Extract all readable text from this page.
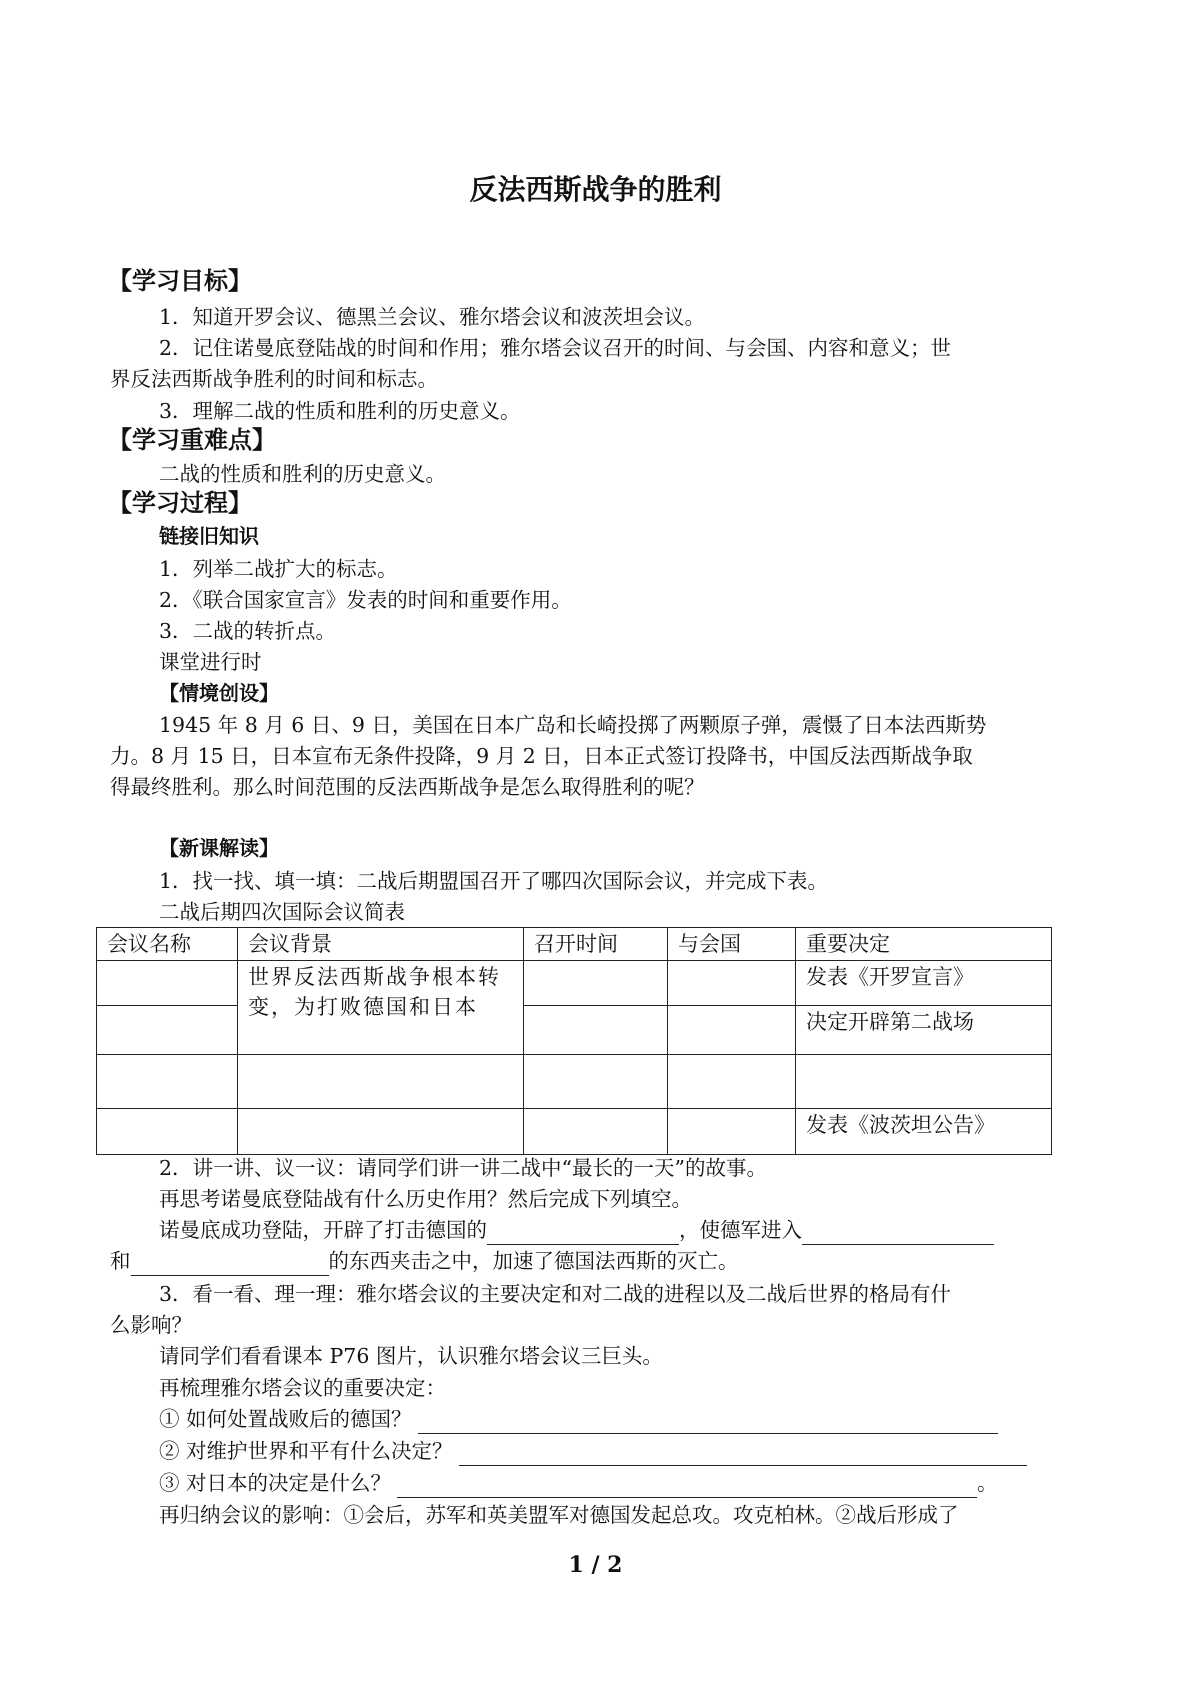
反法西斯战争的胜利
【学习目标】
1．知道开罗会议、德黑兰会议、雅尔塔会议和波茨坦会议。
2．记住诺曼底登陆战的时间和作用；雅尔塔会议召开的时间、与会国、内容和意义；世
界反法西斯战争胜利的时间和标志。
3．理解二战的性质和胜利的历史意义。
【学习重难点】
二战的性质和胜利的历史意义。
【学习过程】
链接旧知识
1．列举二战扩大的标志。
2．《联合国家宣言》发表的时间和重要作用。
3．二战的转折点。
课堂进行时
【情境创设】
1945 年 8 月 6 日、9 日，美国在日本广岛和长崎投掷了两颗原子弹，震慑了日本法西斯势
力。8 月 15 日，日本宣布无条件投降，9 月 2 日，日本正式签订投降书，中国反法西斯战争取
得最终胜利。那么时间范围的反法西斯战争是怎么取得胜利的呢？
【新课解读】
1．找一找、填一填：二战后期盟国召开了哪四次国际会议，并完成下表。
二战后期四次国际会议简表
会议名称	会议背景	召开时间	与会国	重要决定
	世界反法西斯战争根本转变，为打败德国和日本			发表《开罗宣言》
				决定开辟第二战场

				发表《波茨坦公告》
2．讲一讲、议一议：请同学们讲一讲二战中“最长的一天”的故事。
再思考诺曼底登陆战有什么历史作用？然后完成下列填空。
诺曼底成功登陆，开辟了打击德国的	，使德军进入
和	的东西夹击之中，加速了德国法西斯的灭亡。
3．看一看、理一理：雅尔塔会议的主要决定和对二战的进程以及二战后世界的格局有什
么影响？
请同学们看看课本 P76 图片，认识雅尔塔会议三巨头。
再梳理雅尔塔会议的重要决定：
① 如何处置战败后的德国？
② 对维护世界和平有什么决定？
③ 对日本的决定是什么？	。
再归纳会议的影响：①会后，苏军和英美盟军对德国发起总攻。攻克柏林。②战后形成了
1 / 2
